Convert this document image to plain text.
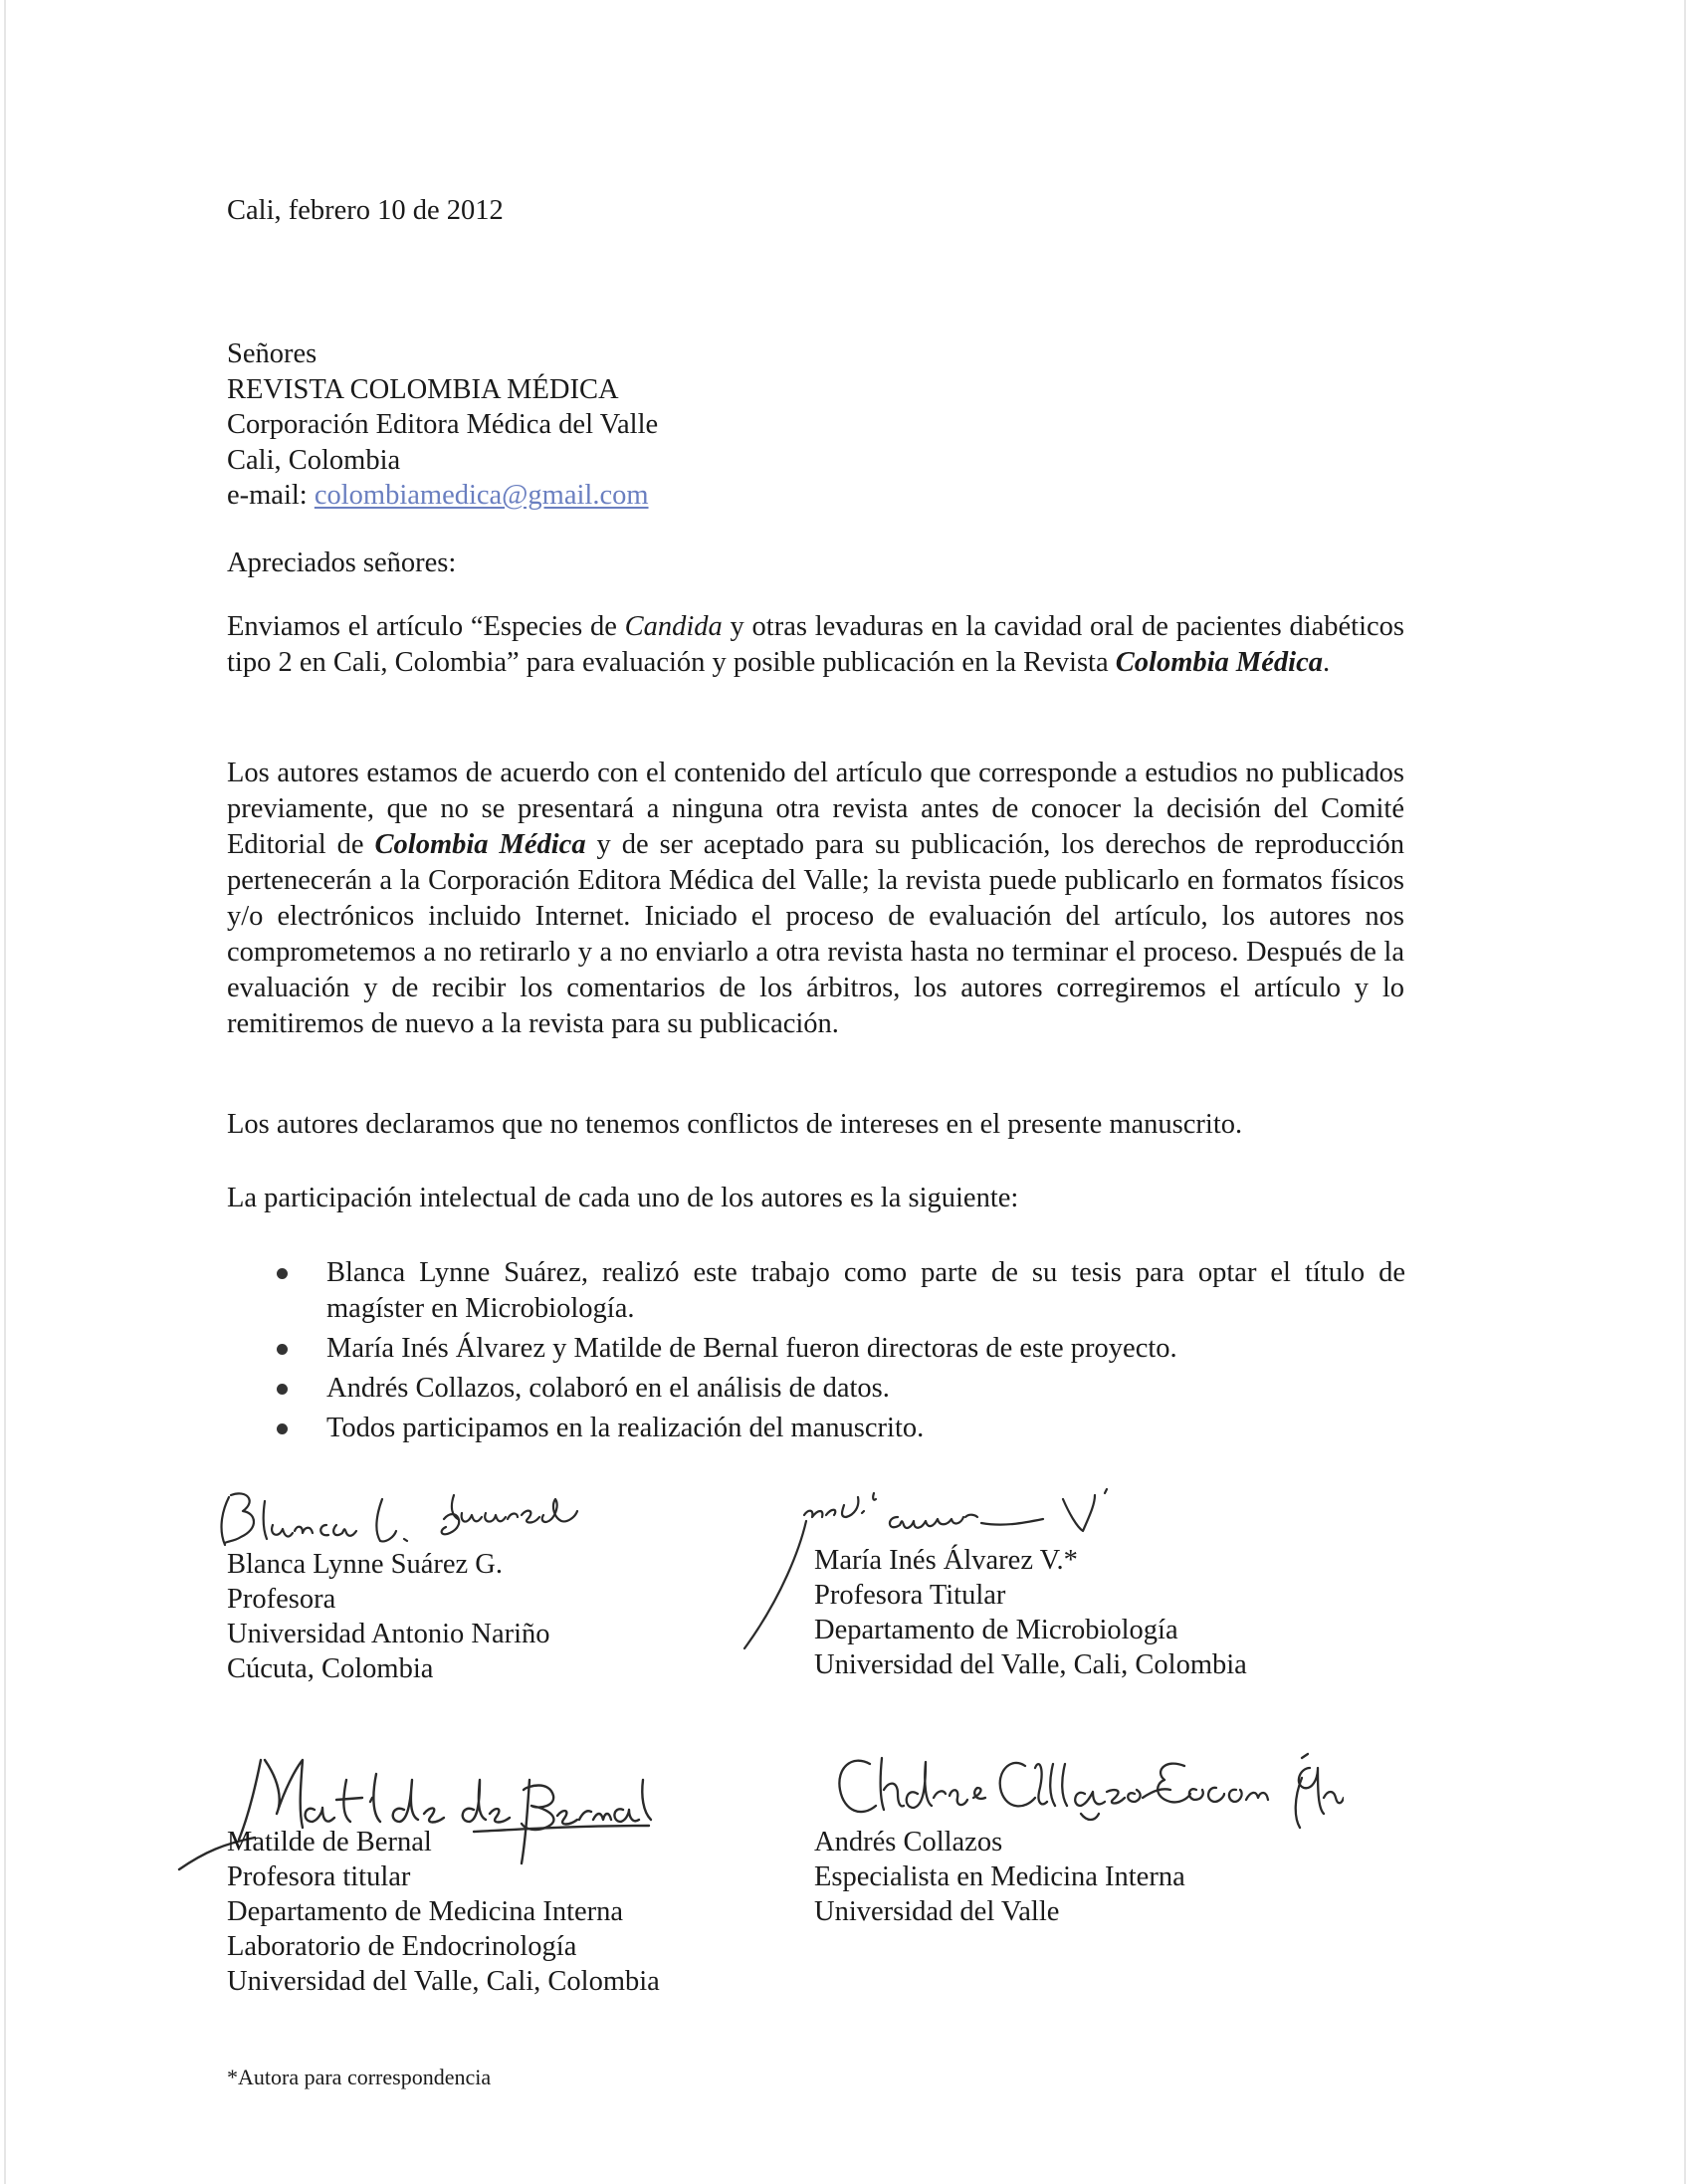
Cali, febrero 10 de 2012
Señores
REVISTA COLOMBIA MÉDICA
Corporación Editora Médica del Valle
Cali, Colombia
e-mail: colombiamedica@gmail.com
Apreciados señores:
Enviamos el artículo “Especies de Candida y otras levaduras en la cavidad oral de pacientes diabéticos tipo 2 en Cali, Colombia” para evaluación y posible publicación en la Revista Colombia Médica.
Los autores estamos de acuerdo con el contenido del artículo que corresponde a estudios no publicados previamente, que no se presentará a ninguna otra revista antes de conocer la decisión del Comité Editorial de Colombia Médica y de ser aceptado para su publicación, los derechos de reproducción pertenecerán a la Corporación Editora Médica del Valle; la revista puede publicarlo en formatos físicos y/o electrónicos incluido Internet. Iniciado el proceso de evaluación del artículo, los autores nos comprometemos a no retirarlo y a no enviarlo a otra revista hasta no terminar el proceso. Después de la evaluación y de recibir los comentarios de los árbitros, los autores corregiremos el artículo y lo remitiremos de nuevo a la revista para su publicación.
Los autores declaramos que no tenemos conflictos de intereses en el presente manuscrito.
La participación intelectual de cada uno de los autores es la siguiente:
Blanca Lynne Suárez, realizó este trabajo como parte de su tesis para optar el título de magíster en Microbiología.
María Inés Álvarez y Matilde de Bernal fueron directoras de este proyecto.
Andrés Collazos, colaboró en el análisis de datos.
Todos participamos en la realización del manuscrito.
Blanca Lynne Suárez G.
Profesora
Universidad Antonio Nariño
Cúcuta, Colombia
María Inés Álvarez V.*
Profesora Titular
Departamento de Microbiología
Universidad del Valle, Cali, Colombia
Matilde de Bernal
Profesora titular
Departamento de Medicina Interna
Laboratorio de Endocrinología
Universidad del Valle, Cali, Colombia
Andrés Collazos
Especialista en Medicina Interna
Universidad del Valle
*Autora para correspondencia
